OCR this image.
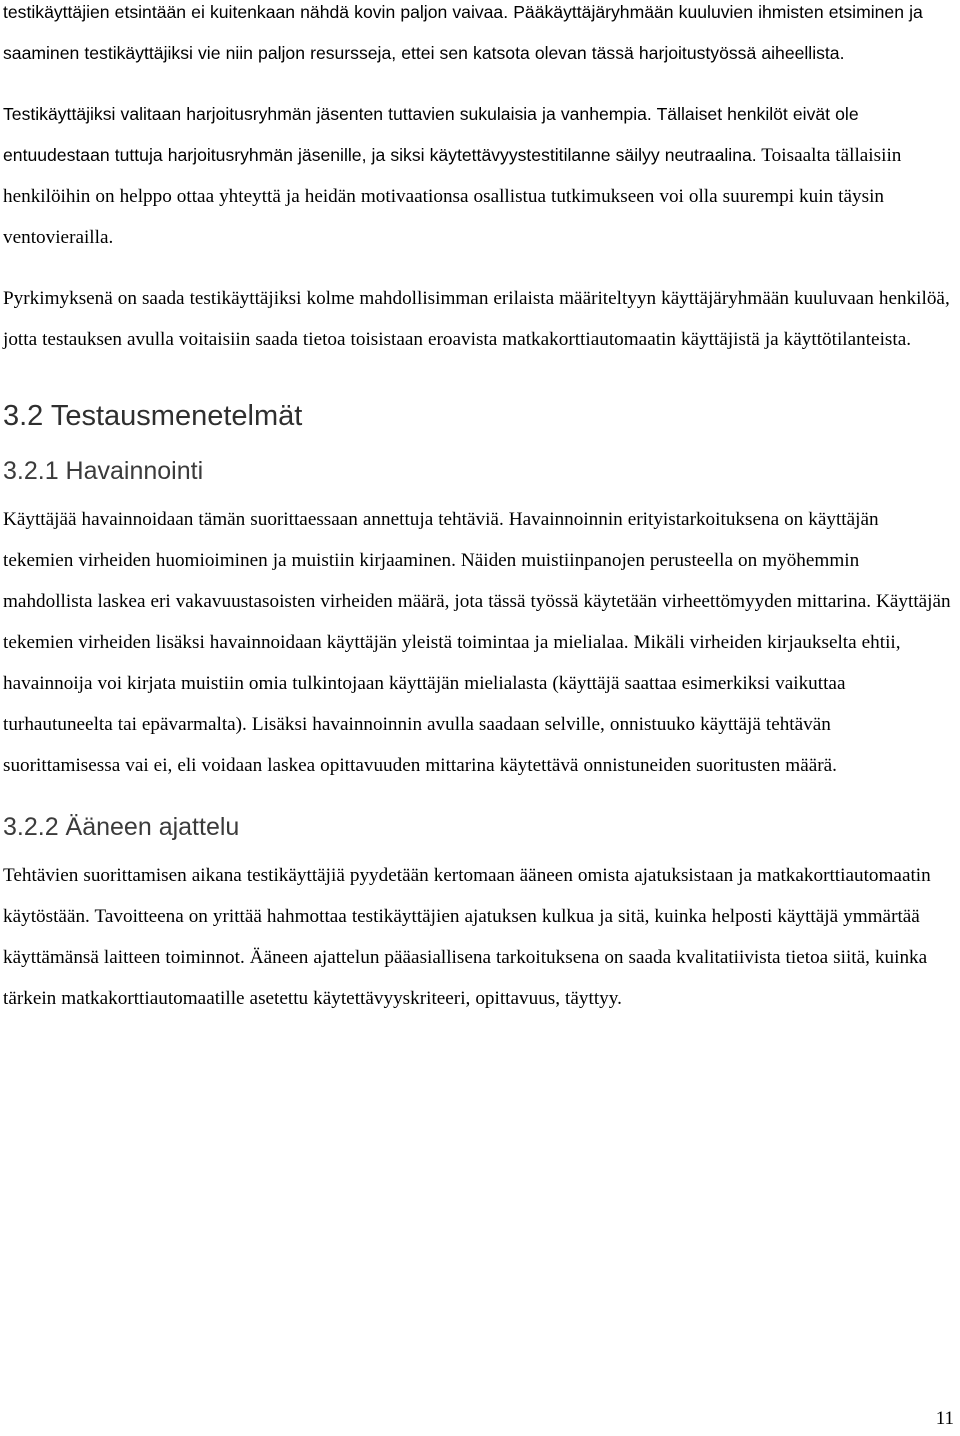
testikäyttäjien etsintään ei kuitenkaan nähdä kovin paljon vaivaa. Pääkäyttäjäryhmään kuuluvien ihmisten etsiminen ja saaminen testikäyttäjiksi vie niin paljon resursseja, ettei sen katsota olevan tässä harjoitustyössä aiheellista.

Testikäyttäjiksi valitaan harjoitusryhmän jäsenten tuttavien sukulaisia ja vanhempia. Tällaiset henkilöt eivät ole entuudestaan tuttuja harjoitusryhmän jäsenille, ja siksi käytettävyystestitilanne säilyy neutraalina. Toisaalta tällaisiin henkilöihin on helppo ottaa yhteyttä ja heidän motivaationsa osallistua tutkimukseen voi olla suurempi kuin täysin ventovierailla.

Pyrkimyksenä on saada testikäyttäjiksi kolme mahdollisimman erilaista määriteltyyn käyttäjäryhmään kuuluvaan henkilöä, jotta testauksen avulla voitaisiin saada tietoa toisistaan eroavista matkakorttiautomaatin käyttäjistä ja käyttötilanteista.

3.2 Testausmenetelmät
3.2.1 Havainnointi

Käyttäjää havainnoidaan tämän suorittaessaan annettuja tehtäviä. Havainnoinnin erityistarkoituksena on käyttäjän tekemien virheiden huomioiminen ja muistiin kirjaaminen. Näiden muistiinpanojen perusteella on myöhemmin mahdollista laskea eri vakavuustasoisten virheiden määrä, jota tässä työssä käytetään virheettömyyden mittarina. Käyttäjän tekemien virheiden lisäksi havainnoidaan käyttäjän yleistä toimintaa ja mielialaa. Mikäli virheiden kirjaukselta ehtii, havainnoija voi kirjata muistiin omia tulkintojaan käyttäjän mielialasta (käyttäjä saattaa esimerkiksi vaikuttaa turhautuneelta tai epävarmalta). Lisäksi havainnoinnin avulla saadaan selville, onnistuuko käyttäjä tehtävän suorittamisessa vai ei, eli voidaan laskea opittavuuden mittarina käytettävä onnistuneiden suoritusten määrä.

3.2.2 Ääneen ajattelu

Tehtävien suorittamisen aikana testikäyttäjiä pyydetään kertomaan ääneen omista ajatuksistaan ja matkakorttiautomaatin käytöstään. Tavoitteena on yrittää hahmottaa testikäyttäjien ajatuksen kulkua ja sitä, kuinka helposti käyttäjä ymmärtää käyttämänsä laitteen toiminnot. Ääneen ajattelun pääasiallisena tarkoituksena on saada kvalitatiivista tietoa siitä, kuinka tärkein matkakorttiautomaatille asetettu käytettävyyskriteeri, opittavuus, täyttyy.

11
